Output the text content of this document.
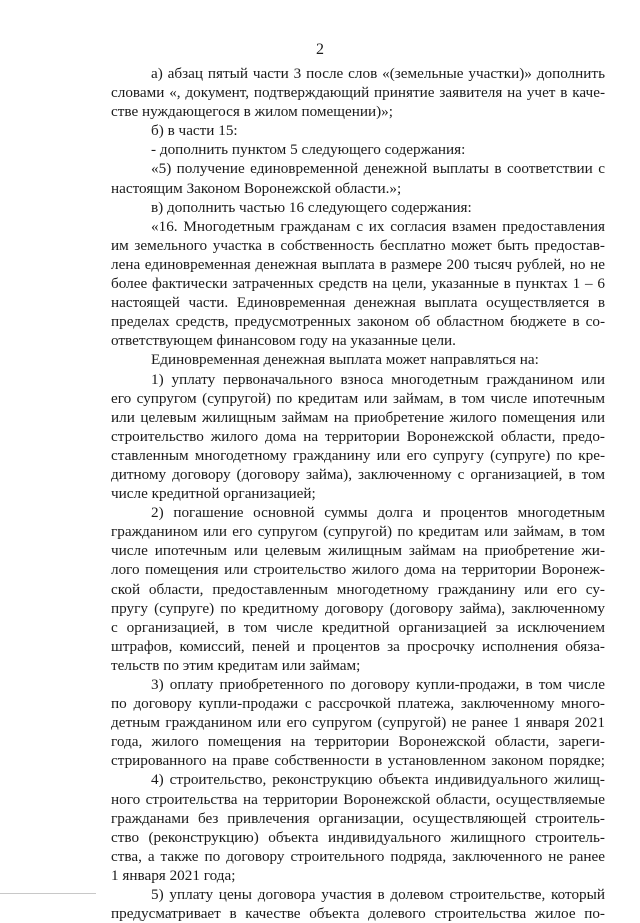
2

а) абзац пятый части 3 после слов «(земельные участки)» дополнить

словами «, документ, подтверждающий принятие заявителя на учет в каче-

стве нуждающегося в жилом помещении)»;

б) в части 15:

- дополнить пунктом 5 следующего содержания:

«5) получение единовременной денежной выплаты в соответствии с

настоящим Законом Воронежской области.»;

в) дополнить частью 16 следующего содержания:

«16. Многодетным гражданам с их согласия взамен предоставления

им земельного участка в собственность бесплатно может быть предостав-

лена единовременная денежная выплата в размере 200 тысяч рублей, но не

более фактически затраченных средств на цели, указанные в пунктах 1 – 6

настоящей части. Единовременная денежная выплата осуществляется в

пределах средств, предусмотренных законом об областном бюджете в со-

ответствующем финансовом году на указанные цели.

Единовременная денежная выплата может направляться на:

1) уплату первоначального взноса многодетным гражданином или

его супругом (супругой) по кредитам или займам, в том числе ипотечным

или целевым жилищным займам на приобретение жилого помещения или

строительство жилого дома на территории Воронежской области, предо-

ставленным многодетному гражданину или его супругу (супруге) по кре-

дитному договору (договору займа), заключенному с организацией, в том

числе кредитной организацией;

2) погашение основной суммы долга и процентов многодетным

гражданином или его супругом (супругой) по кредитам или займам, в том

числе ипотечным или целевым жилищным займам на приобретение жи-

лого помещения или строительство жилого дома на территории Воронеж-

ской области, предоставленным многодетному гражданину или его су-

пругу (супруге) по кредитному договору (договору займа), заключенному

с организацией, в том числе кредитной организацией за исключением

штрафов, комиссий, пеней и процентов за просрочку исполнения обяза-

тельств по этим кредитам или займам;

3) оплату приобретенного по договору купли-продажи, в том числе

по договору купли-продажи с рассрочкой платежа, заключенному много-

детным гражданином или его супругом (супругой) не ранее 1 января 2021

года, жилого помещения на территории Воронежской области, зареги-

стрированного на праве собственности в установленном законом порядке;

4) строительство, реконструкцию объекта индивидуального жилищ-

ного строительства на территории Воронежской области, осуществляемые

гражданами без привлечения организации, осуществляющей строитель-

ство (реконструкцию) объекта индивидуального жилищного строитель-

ства, а также по договору строительного подряда, заключенного не ранее

1 января 2021 года;

5) уплату цены договора участия в долевом строительстве, который

предусматривает в качестве объекта долевого строительства жилое по-
